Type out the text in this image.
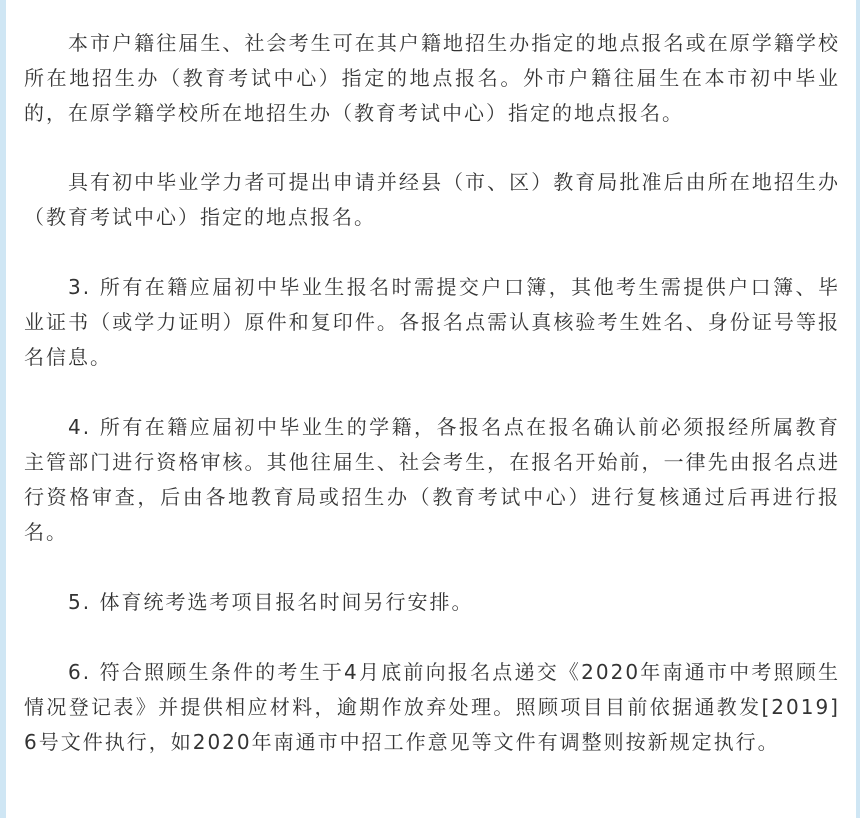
本市户籍往届生、社会考生可在其户籍地招生办指定的地点报名或在原学籍学校所在地招生办（教育考试中心）指定的地点报名。外市户籍往届生在本市初中毕业的，在原学籍学校所在地招生办（教育考试中心）指定的地点报名。

具有初中毕业学力者可提出申请并经县（市、区）教育局批准后由所在地招生办（教育考试中心）指定的地点报名。

3. 所有在籍应届初中毕业生报名时需提交户口簿，其他考生需提供户口簿、毕业证书（或学力证明）原件和复印件。各报名点需认真核验考生姓名、身份证号等报名信息。

4. 所有在籍应届初中毕业生的学籍，各报名点在报名确认前必须报经所属教育主管部门进行资格审核。其他往届生、社会考生，在报名开始前，一律先由报名点进行资格审查，后由各地教育局或招生办（教育考试中心）进行复核通过后再进行报名。

5. 体育统考选考项目报名时间另行安排。

6. 符合照顾生条件的考生于4月底前向报名点递交《2020年南通市中考照顾生情况登记表》并提供相应材料，逾期作放弃处理。照顾项目目前依据通教发[2019]6号文件执行，如2020年南通市中招工作意见等文件有调整则按新规定执行。
